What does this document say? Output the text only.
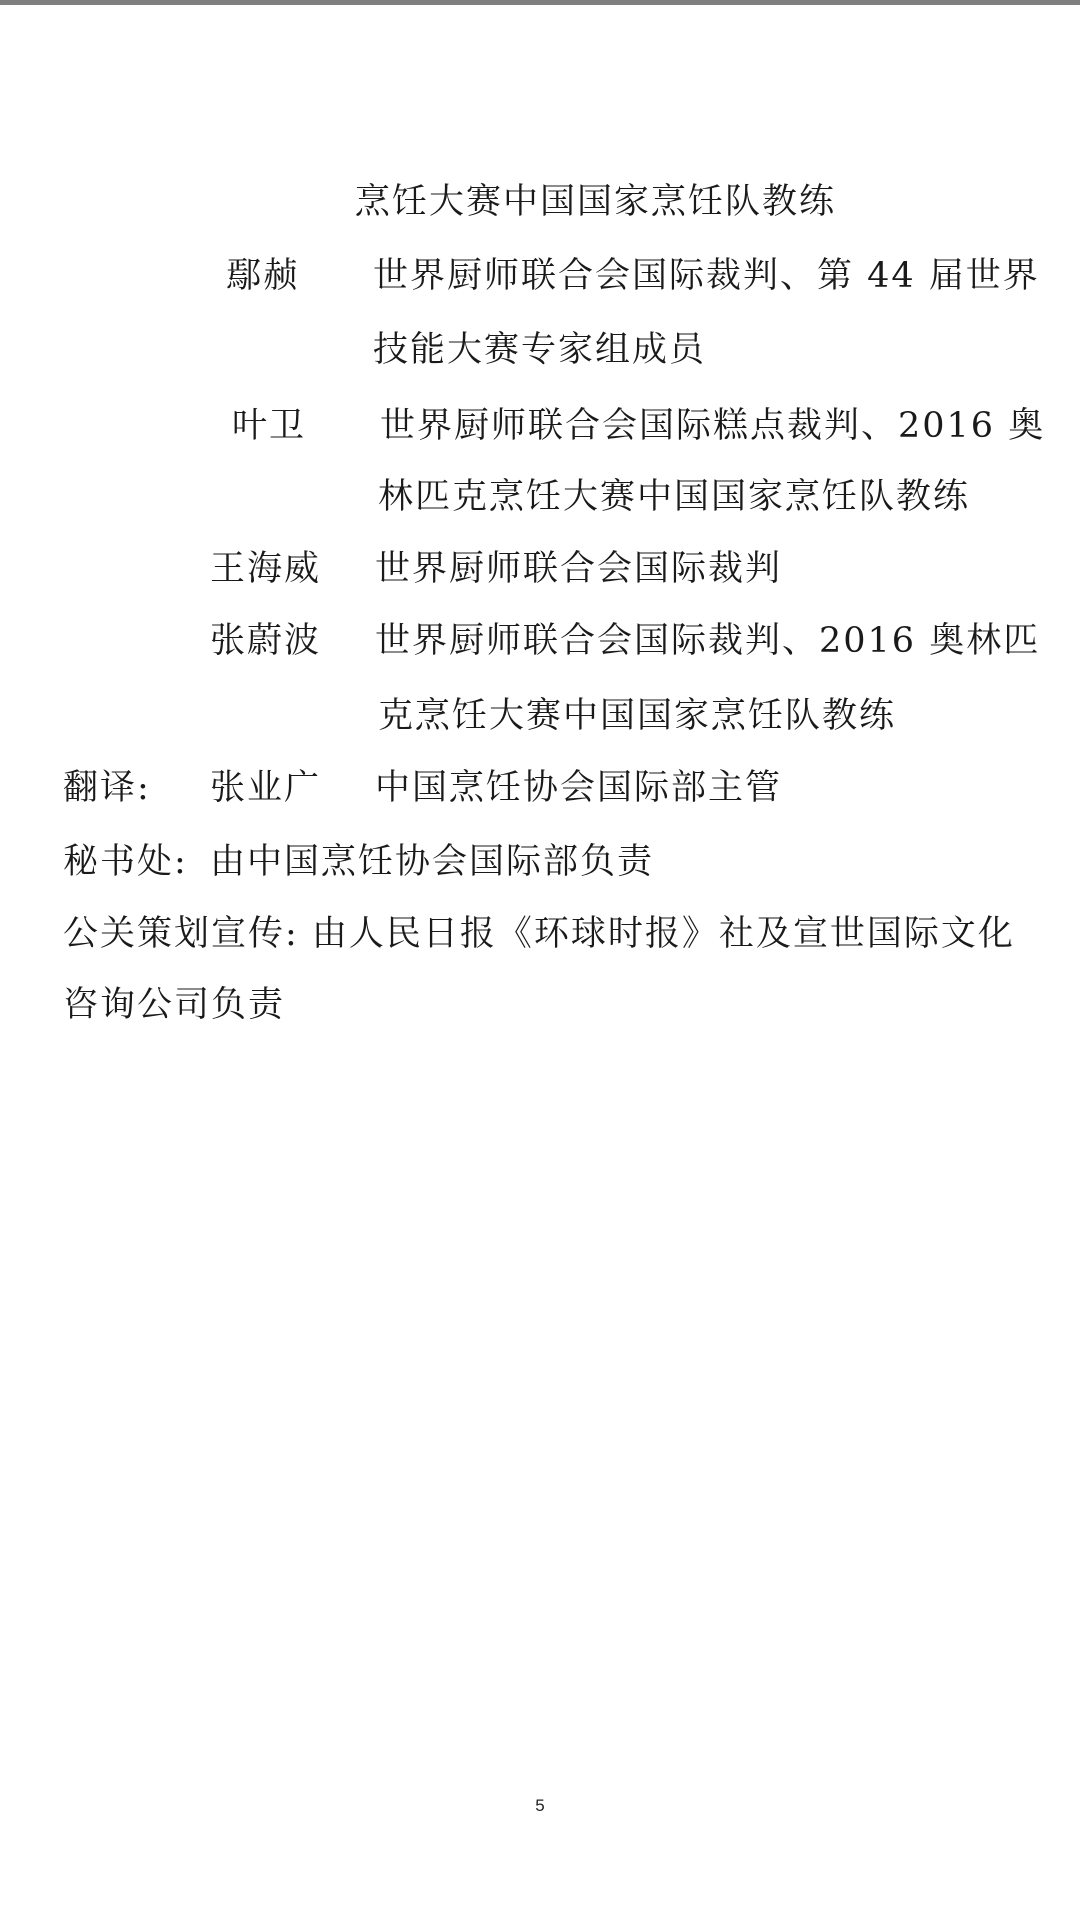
烹饪大赛中国国家烹饪队教练
鄢赪 世界厨师联合会国际裁判、第 44 届世界
技能大赛专家组成员
叶卫 世界厨师联合会国际糕点裁判、2016 奥
林匹克烹饪大赛中国国家烹饪队教练
王海威 世界厨师联合会国际裁判
张蔚波 世界厨师联合会国际裁判、2016 奥林匹
克烹饪大赛中国国家烹饪队教练
翻译: 张业广 中国烹饪协会国际部主管
秘书处: 由中国烹饪协会国际部负责
公关策划宣传: 由人民日报《环球时报》社及宣世国际文化
咨询公司负责
5
